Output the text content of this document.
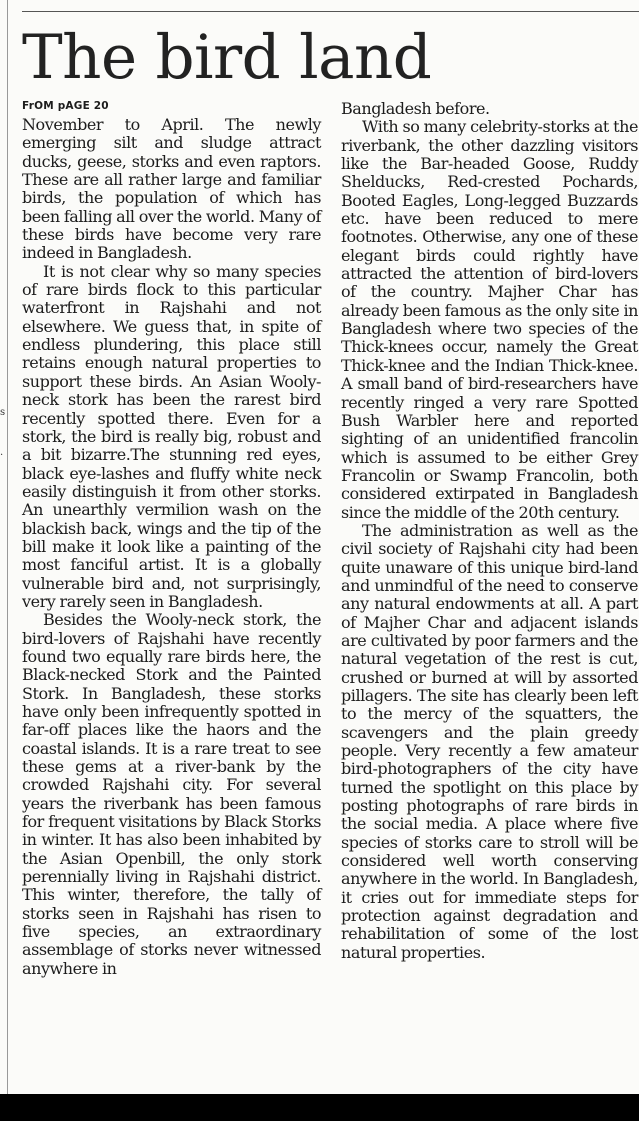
s
.
The bird land
FrOM pAGE 20

November to April. The newly emerging silt and sludge attract ducks, geese, storks and even raptors. These are all rather large and familiar birds, the population of which has been falling all over the world. Many of these birds have become very rare indeed in Bangladesh.

It is not clear why so many species of rare birds flock to this particular waterfront in Rajshahi and not elsewhere. We guess that, in spite of endless plundering, this place still retains enough natural properties to support these birds. An Asian Wooly-neck stork has been the rarest bird recently spotted there. Even for a stork, the bird is really big, robust and a bit bizarre.The stunning red eyes, black eye-lashes and fluffy white neck easily distinguish it from other storks. An unearthly vermilion wash on the blackish back, wings and the tip of the bill make it look like a painting of the most fanciful artist. It is a globally vulnerable bird and, not surprisingly, very rarely seen in Bangladesh.

Besides the Wooly-neck stork, the bird-lovers of Rajshahi have recently found two equally rare birds here, the Black-necked Stork and the Painted Stork. In Bangladesh, these storks have only been infrequently spotted in far-off places like the haors and the coastal islands. It is a rare treat to see these gems at a river-bank by the crowded Rajshahi city. For several years the riverbank has been famous for frequent visitations by Black Storks in winter. It has also been inhabited by the Asian Openbill, the only stork perennially living in Rajshahi district. This winter, therefore, the tally of storks seen in Rajshahi has risen to five species, an extraordinary assemblage of storks never witnessed anywhere in

Bangladesh before.

With so many celebrity-storks at the riverbank, the other dazzling visitors like the Bar-headed Goose, Ruddy Shelducks, Red-crested Pochards, Booted Eagles, Long-legged Buzzards etc. have been reduced to mere footnotes. Otherwise, any one of these elegant birds could rightly have attracted the attention of bird-lovers of the country. Majher Char has already been famous as the only site in Bangladesh where two species of the Thick-knees occur, namely the Great Thick-knee and the Indian Thick-knee. A small band of bird-researchers have recently ringed a very rare Spotted Bush Warbler here and reported sighting of an unidentified francolin which is assumed to be either Grey Francolin or Swamp Francolin, both considered extirpated in Bangladesh since the middle of the 20th century.

The administration as well as the civil society of Rajshahi city had been quite unaware of this unique bird-land and unmindful of the need to conserve any natural endowments at all. A part of Majher Char and adjacent islands are cultivated by poor farmers and the natural vegetation of the rest is cut, crushed or burned at will by assorted pillagers. The site has clearly been left to the mercy of the squatters, the scavengers and the plain greedy people. Very recently a few amateur bird-photographers of the city have turned the spotlight on this place by posting photographs of rare birds in the social media. A place where five species of storks care to stroll will be considered well worth conserving anywhere in the world. In Bangladesh, it cries out for immediate steps for protection against degradation and rehabilitation of some of the lost natural properties.
